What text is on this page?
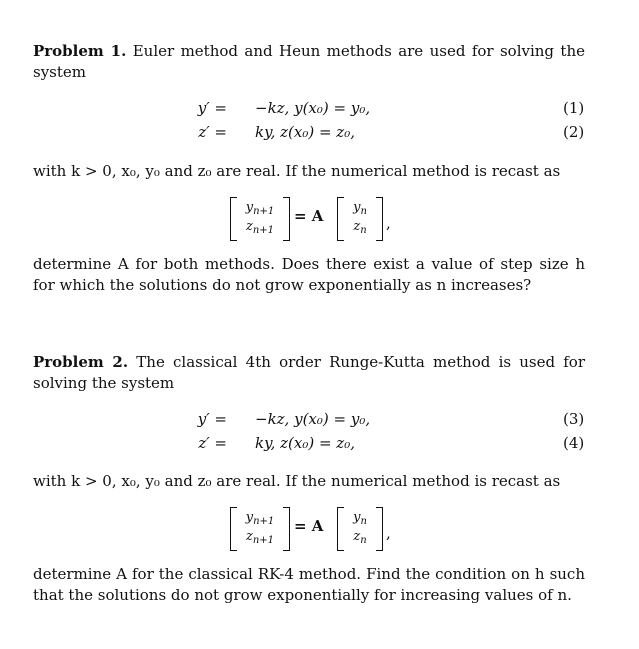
Problem 1. Euler method and Heun methods are used for solving the system
y′ = −kz, y(x₀) = y₀,	(1)
z′ = ky, z(x₀) = z₀,	(2)
with k > 0, x₀, y₀ and z₀ are real. If the numerical method is recast as
$y_{n+1}$
$z_{n+1}$
= A	$y_n$
$z_n$	,
determine A for both methods. Does there exist a value of step size h for which the solutions do not grow exponentially as n increases?
Problem 2. The classical 4th order Runge-Kutta method is used for solving the system
y′ = −kz, y(x₀) = y₀,	(3)
z′ = ky, z(x₀) = z₀,	(4)
with k > 0, x₀, y₀ and z₀ are real. If the numerical method is recast as
$y_{n+1}$
$z_{n+1}$
= A	$y_n$
$z_n$	,
determine A for the classical RK-4 method. Find the condition on h such that the solutions do not grow exponentially for increasing values of n.
